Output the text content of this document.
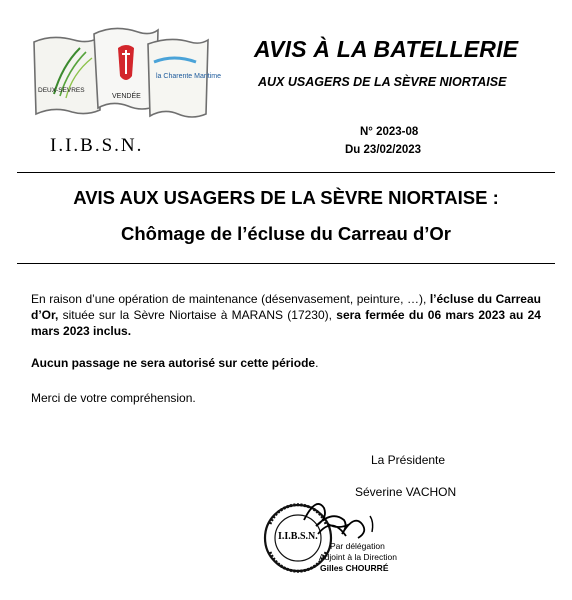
DEUX-SEVRES
VENDÉE
la Charente Maritime
I.I.B.S.N.
AVIS À LA BATELLERIE
AUX USAGERS DE LA SÈVRE NIORTAISE
N° 2023-08
Du 23/02/2023
AVIS AUX USAGERS DE LA SÈVRE NIORTAISE :
Chômage de l’écluse du Carreau d’Or
En raison d’une opération de maintenance (désenvasement, peinture, …), l’écluse du Carreau d’Or, située sur la Sèvre Niortaise à MARANS (17230), sera fermée du 06 mars 2023 au 24 mars 2023 inclus.
Aucun passage ne sera autorisé sur cette période.
Merci de votre compréhension.
La Présidente
Séverine VACHON
I.I.B.S.N.
Par délégation
Adjoint à la Direction
Gilles CHOURRÉ
